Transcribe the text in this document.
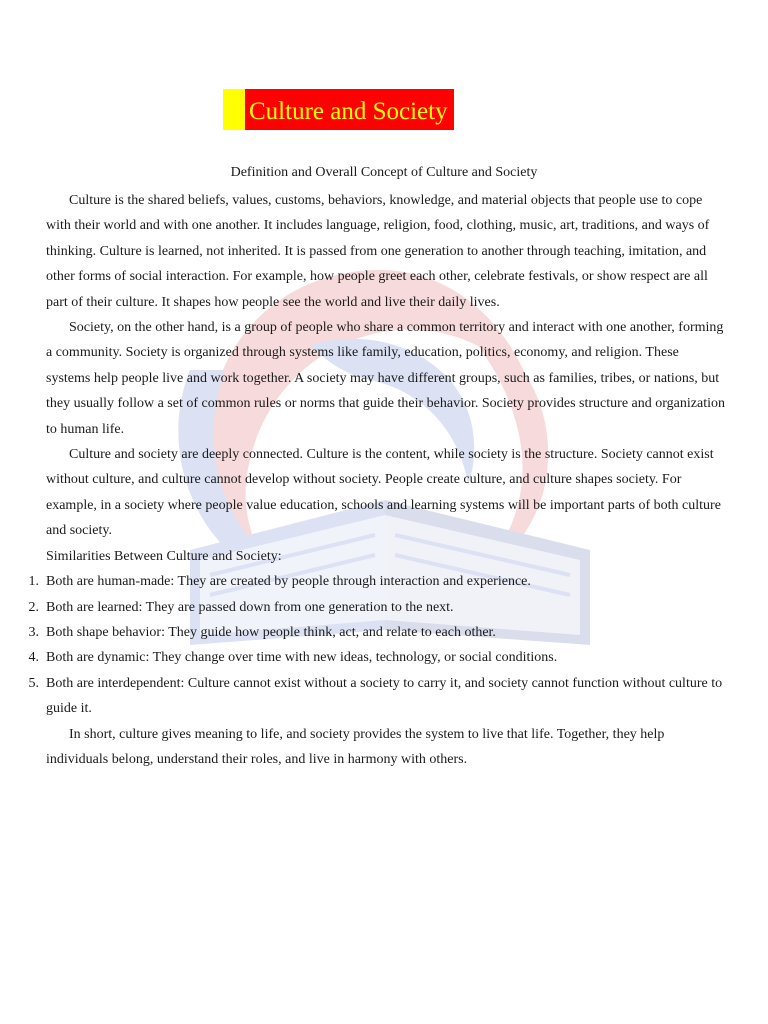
Culture and Society
Definition and Overall Concept of Culture and Society

Culture is the shared beliefs, values, customs, behaviors, knowledge, and material objects that people use to cope with their world and with one another. It includes language, religion, food, clothing, music, art, traditions, and ways of thinking. Culture is learned, not inherited. It is passed from one generation to another through teaching, imitation, and other forms of social interaction. For example, how people greet each other, celebrate festivals, or show respect are all part of their culture. It shapes how people see the world and live their daily lives.

Society, on the other hand, is a group of people who share a common territory and interact with one another, forming a community. Society is organized through systems like family, education, politics, economy, and religion. These systems help people live and work together. A society may have different groups, such as families, tribes, or nations, but they usually follow a set of common rules or norms that guide their behavior. Society provides structure and organization to human life.

Culture and society are deeply connected. Culture is the content, while society is the structure. Society cannot exist without culture, and culture cannot develop without society. People create culture, and culture shapes society. For example, in a society where people value education, schools and learning systems will be important parts of both culture and society.

Similarities Between Culture and Society:

1. Both are human-made: They are created by people through interaction and experience.
2. Both are learned: They are passed down from one generation to the next.
3. Both shape behavior: They guide how people think, act, and relate to each other.
4. Both are dynamic: They change over time with new ideas, technology, or social conditions.
5. Both are interdependent: Culture cannot exist without a society to carry it, and society cannot function without culture to guide it.

In short, culture gives meaning to life, and society provides the system to live that life. Together, they help individuals belong, understand their roles, and live in harmony with others.
